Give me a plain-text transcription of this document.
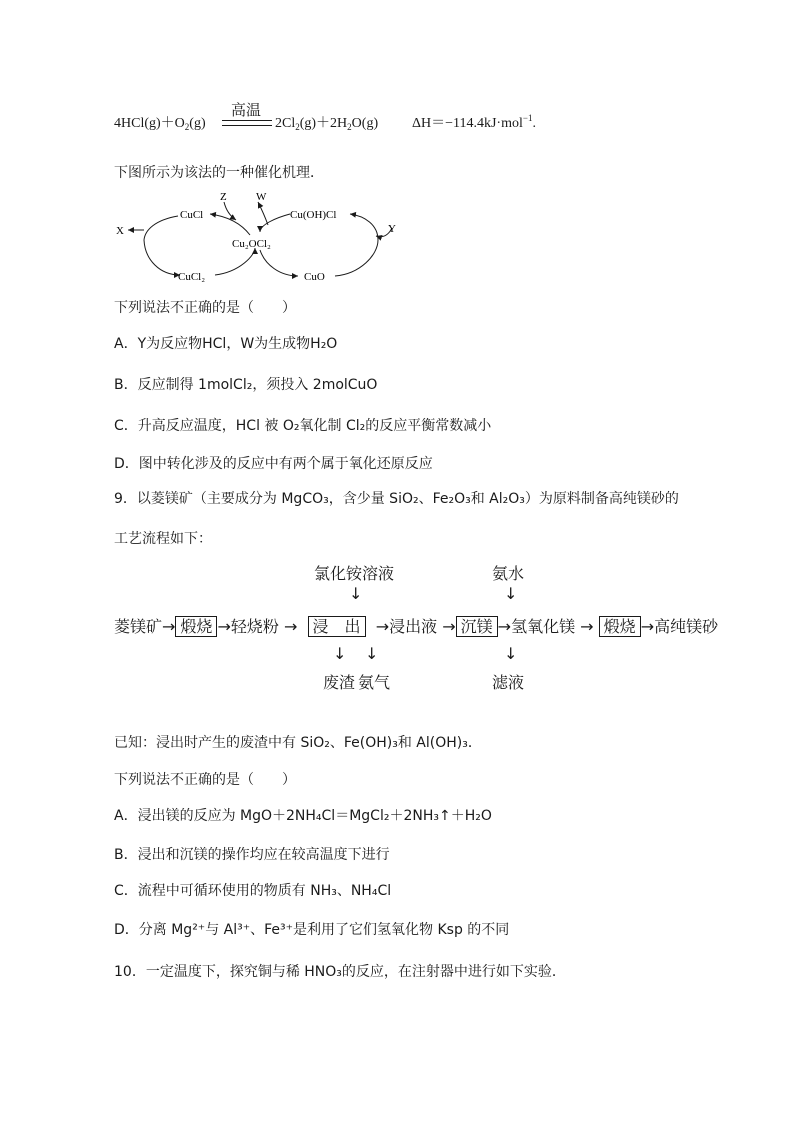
$4HCl(g)+O_2(g)$
高温
$2Cl_2(g)+2H_2O(g)$ ΔH＝−114.4kJ·mol$^{-1}$.
下图所示为该法的一种催化机理．
CuCl
Z	W
Cu(OH)Cl
X	Y
Cu₂OCl₂
CuCl₂	CuO
下列说法不正确的是（　　）
A．Y为反应物HCl，W为生成物H₂O
B．反应制得 1molCl₂，须投入 2molCuO
C．升高反应温度，HCl 被 O₂氧化制 Cl₂的反应平衡常数减小
D．图中转化涉及的反应中有两个属于氧化还原反应
9．以菱镁矿（主要成分为 MgCO₃，含少量 SiO₂、Fe₂O₃和 Al₂O₃）为原料制备高纯镁砂的
工艺流程如下：
氯化铵溶液	氨水
↓	↓
菱镁矿→ 煅烧 →轻烧粉 → 浸　出 →浸出液 → 沉镁 →氢氧化镁 → 煅烧 →高纯镁砂
↓ ↓	↓
废渣 氨气	滤液
已知：浸出时产生的废渣中有 SiO₂、Fe(OH)₃和 Al(OH)₃．
下列说法不正确的是（　　）
A．浸出镁的反应为 MgO＋2NH₄Cl＝MgCl₂＋2NH₃↑＋H₂O
B．浸出和沉镁的操作均应在较高温度下进行
C．流程中可循环使用的物质有 NH₃、NH₄Cl
D．分离 Mg²⁺与 Al³⁺、Fe³⁺是利用了它们氢氧化物 Ksp 的不同
10．一定温度下，探究铜与稀 HNO₃的反应，在注射器中进行如下实验．
